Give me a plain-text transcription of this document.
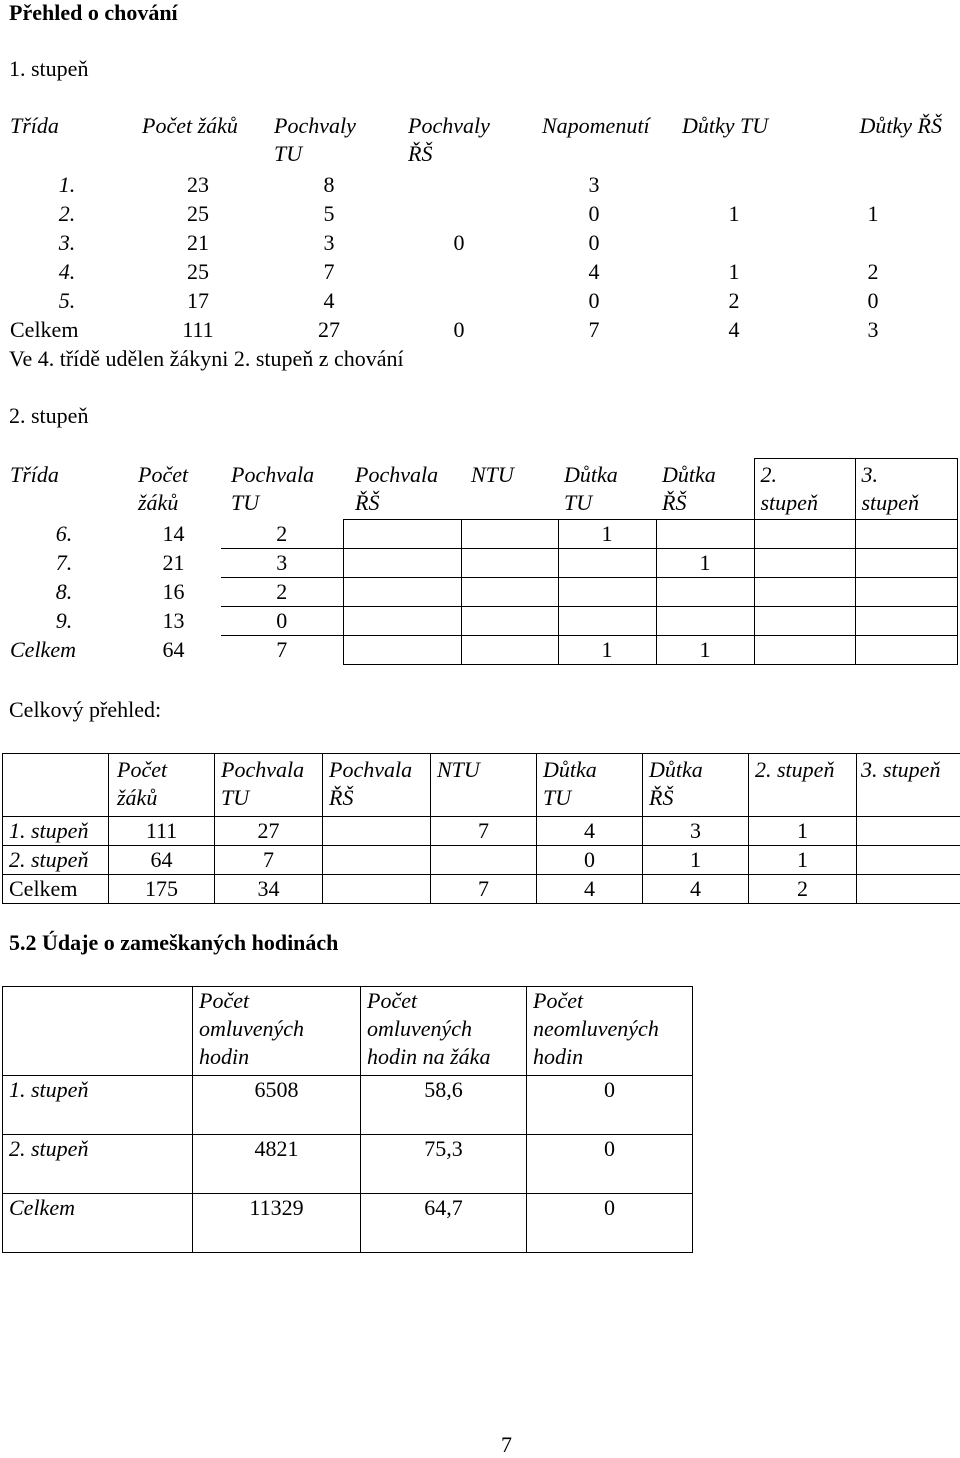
Přehled o chování
1. stupeň
Třída	Počet žáků	Pochvaly TU	Pochvaly ŘŠ	Napomenutí	Důtky TU	Důtky ŘŠ
1.	23	8		3		
2.	25	5		0	1	1
3.	21	3	0	0		
4.	25	7		4	1	2
5.	17	4		0	2	0
Celkem	111	27	0	7	4	3
Ve 4. třídě udělen žákyni 2. stupeň z chování
2. stupeň
Třída	Počet žáků	Pochvala TU	Pochvala ŘŠ	NTU	Důtka TU	Důtka ŘŠ	2. stupeň	3. stupeň
6.	14	2			1			
7.	21	3				1		
8.	16	2						
9.	13	0						
Celkem	64	7			1	1		
Celkový přehled:
	Počet žáků	Pochvala TU	Pochvala ŘŠ	NTU	Důtka TU	Důtka ŘŠ	2. stupeň	3. stupeň
1. stupeň	111	27		7	4	3	1	
2. stupeň	64	7			0	1	1	
Celkem	175	34		7	4	4	2	
5.2 Údaje o zameškaných hodinách
	Počet omluvených hodin	Počet omluvených hodin na žáka	Počet neomluvených hodin
1. stupeň	6508	58,6	0
2. stupeň	4821	75,3	0
Celkem	11329	64,7	0
7
